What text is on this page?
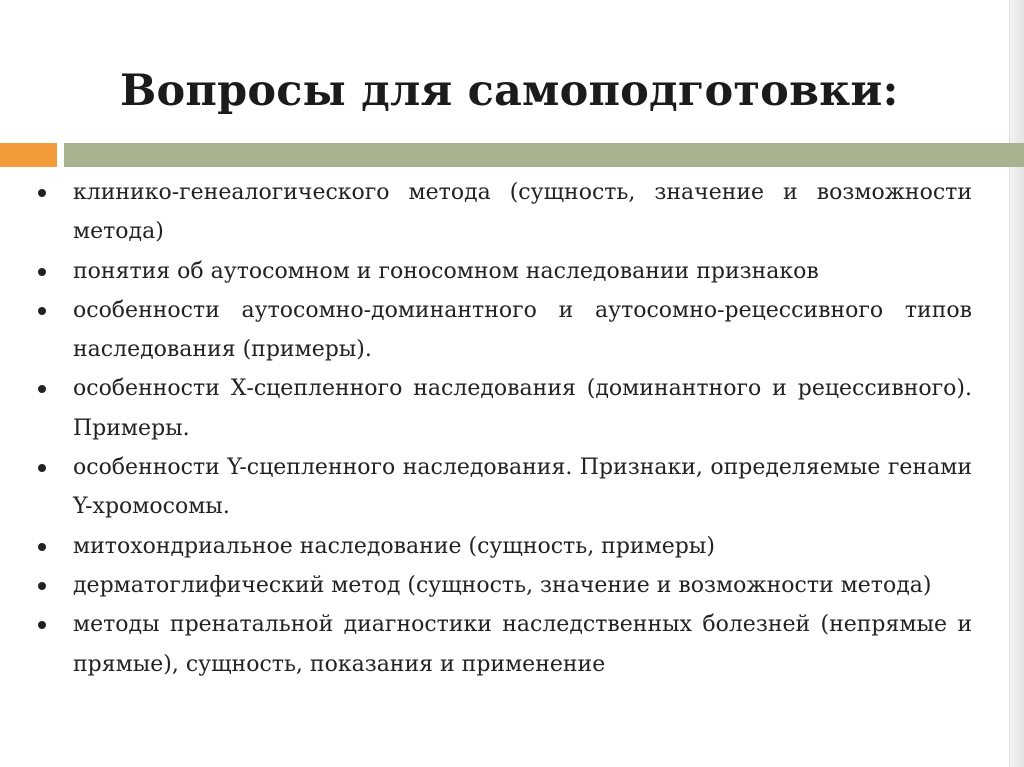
Вопросы для самоподготовки:
клинико-генеалогического метода (сущность, значение и возможности метода)
понятия об аутосомном и гоносомном наследовании признаков
особенности аутосомно-доминантного и аутосомно-рецессивного типов наследования (примеры).
особенности Х-сцепленного наследования (доминантного и рецессивного). Примеры.
особенности Y-сцепленного наследования. Признаки, определяемые генами Y-хромосомы.
митохондриальное наследование (сущность, примеры)
дерматоглифический метод (сущность, значение и возможности метода)
методы пренатальной диагностики наследственных болезней (непрямые и прямые), сущность, показания и применение
